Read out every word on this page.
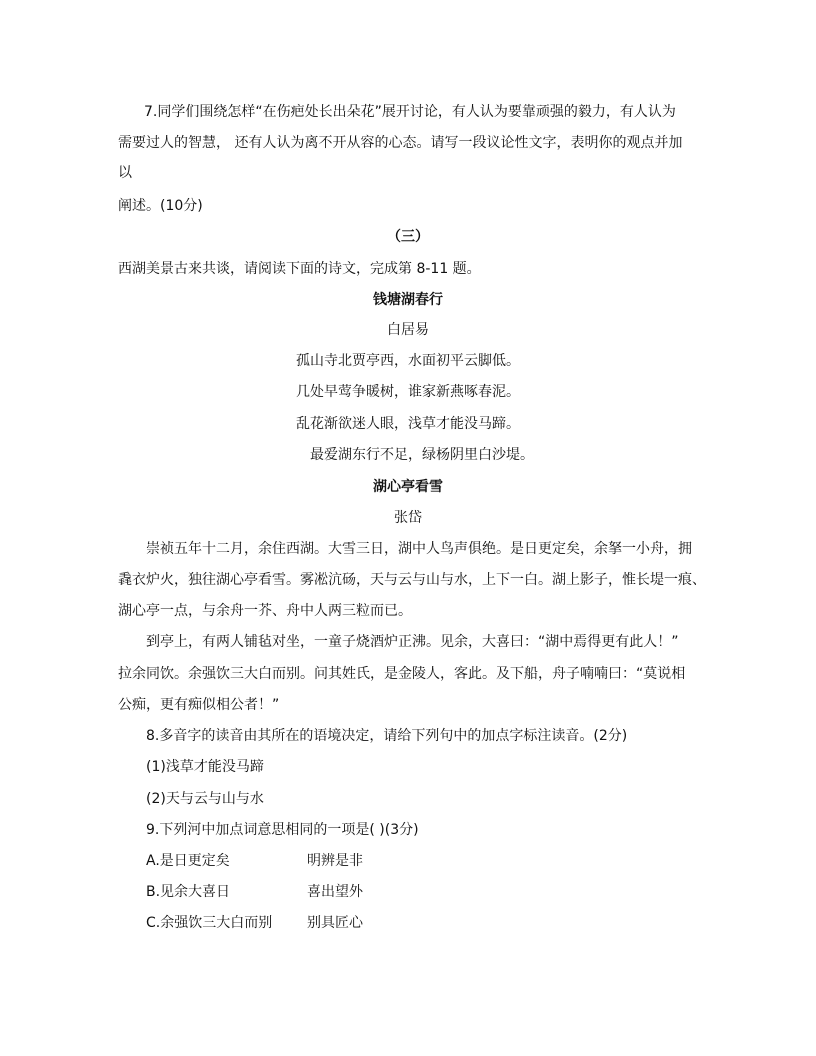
7.同学们围绕怎样“在伤疤处长出朵花”展开讨论，有人认为要靠顽强的毅力，有人认为
需要过人的智慧， 还有人认为离不开从容的心态。请写一段议论性文字，表明你的观点并加
以
阐述。(10分)
（三）
西湖美景古来共谈，请阅读下面的诗文，完成第 8-11 题。
钱塘湖春行
白居易
孤山寺北贾亭西，水面初平云脚低。
几处早莺争暖树，谁家新燕啄春泥。
乱花渐欲迷人眼，浅草才能没马蹄。
最爱湖东行不足，绿杨阴里白沙堤。
湖心亭看雪
张岱
崇祯五年十二月，余住西湖。大雪三日，湖中人鸟声俱绝。是日更定矣，余拏一小舟，拥
毳衣炉火，独往湖心亭看雪。雾凇沆砀，天与云与山与水，上下一白。湖上影子，惟长堤一痕、
湖心亭一点，与余舟一芥、舟中人两三粒而已。
到亭上，有两人铺毡对坐，一童子烧酒炉正沸。见余，大喜曰：“湖中焉得更有此人！”
拉余同饮。余强饮三大白而别。问其姓氏，是金陵人，客此。及下船，舟子喃喃曰：“莫说相
公痴，更有痴似相公者！”
8.多音字的读音由其所在的语境决定，请给下列句中的加点字标注读音。(2分)
(1)浅草才能没马蹄
(2)天与云与山与水
9.下列河中加点词意思相同的一项是( )(3分)
A.是日更定矣	明辨是非
B.见余大喜日	喜出望外
C.余强饮三大白而别 别具匠心
